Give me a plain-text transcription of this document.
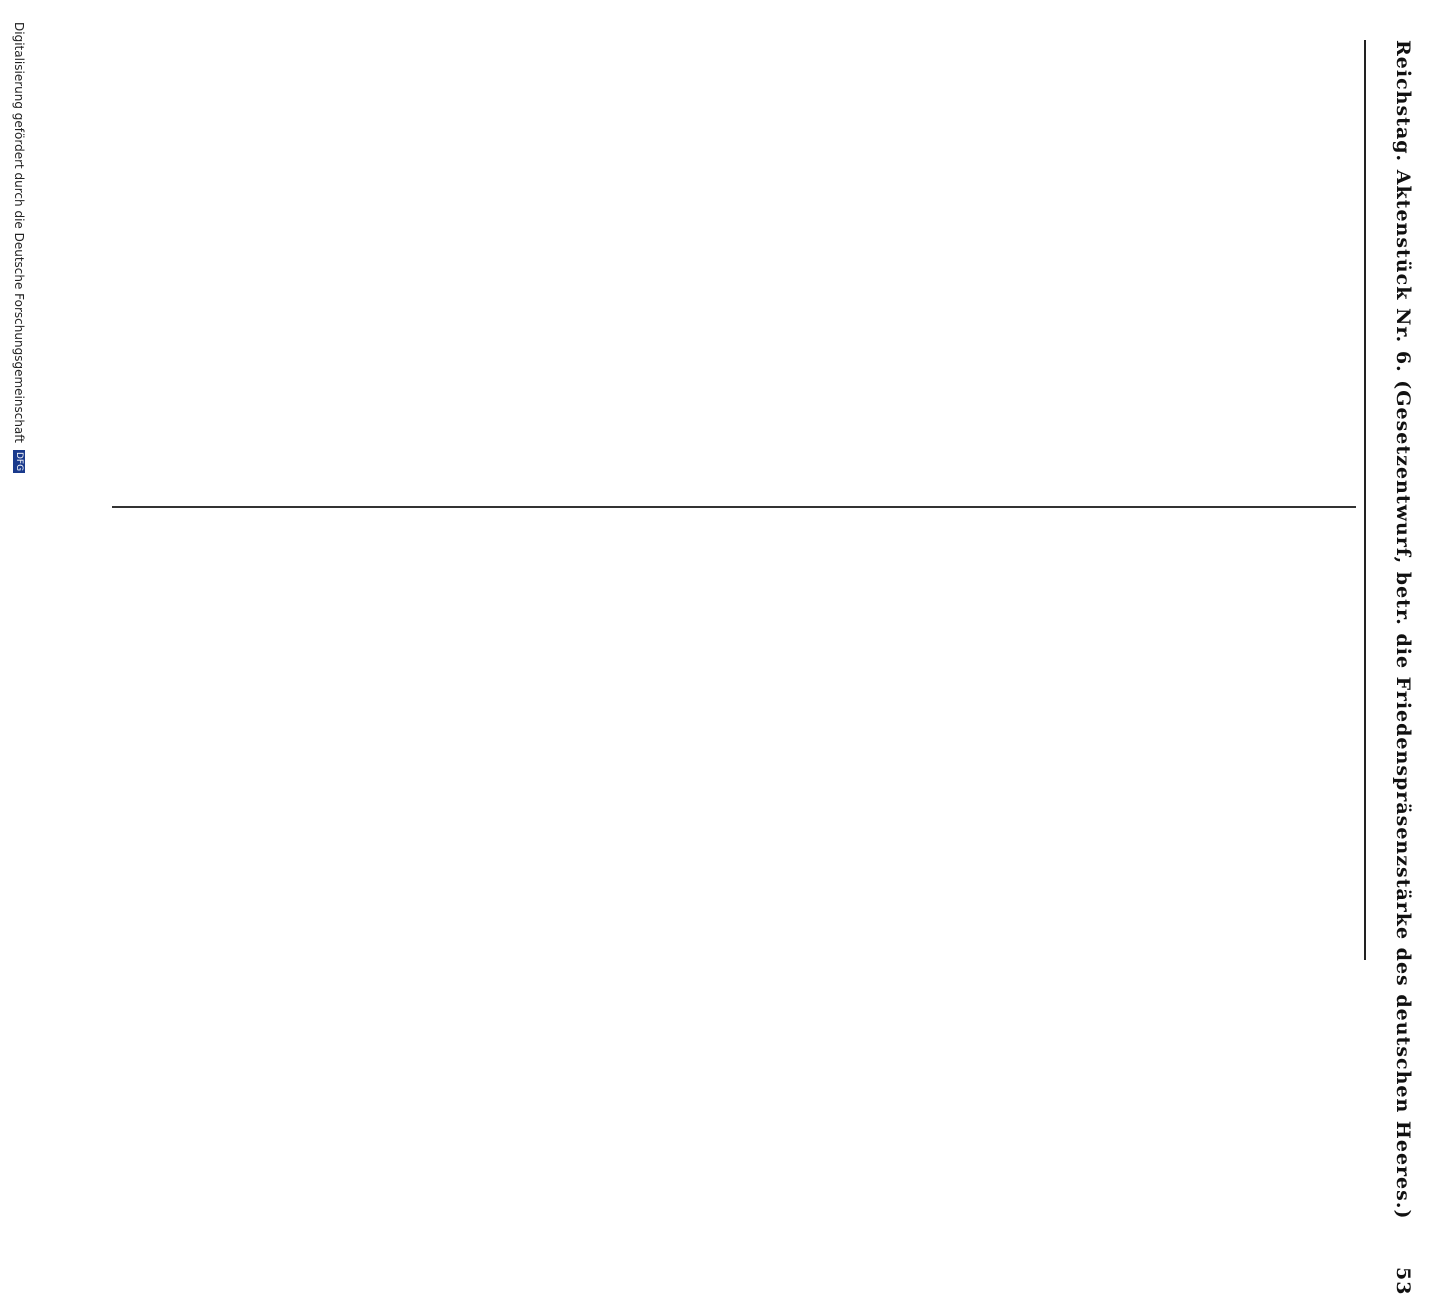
Reichstag. Aktenstück Nr. 6. (Gesetzentwurf, betr. die Friedenspräsenzstärke des deutschen Heeres.) 53
Digitalisierung gefördert durch die Deutsche Forschungsgemeinschaft DFG
